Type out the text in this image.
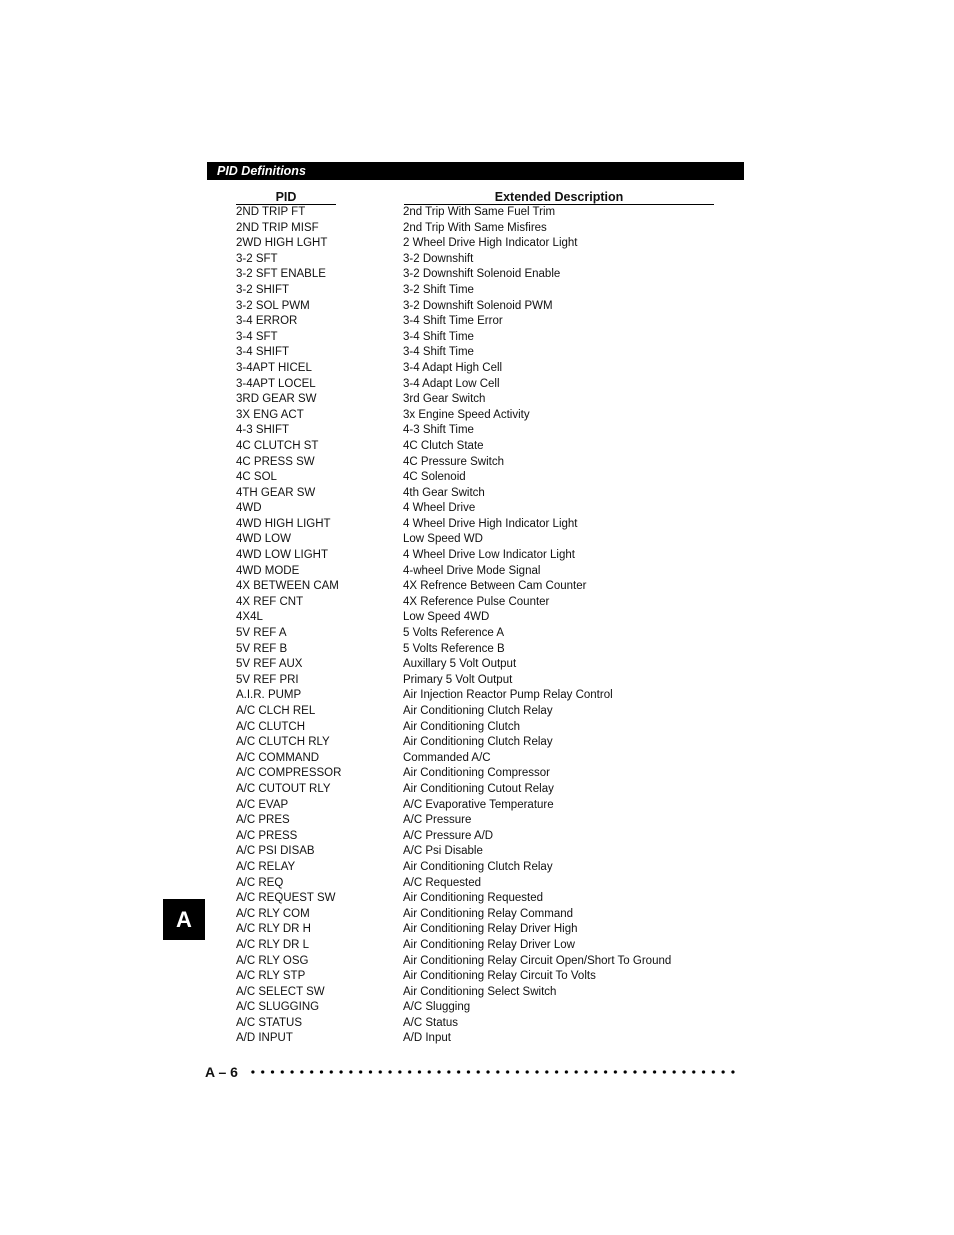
PID Definitions
PID	Extended Description
2ND TRIP FT	2nd Trip With Same Fuel Trim
2ND TRIP MISF	2nd Trip With Same Misfires
2WD HIGH LGHT	2 Wheel Drive High Indicator Light
3-2 SFT	3-2 Downshift
3-2 SFT ENABLE	3-2 Downshift Solenoid Enable
3-2 SHIFT	3-2 Shift Time
3-2 SOL PWM	3-2 Downshift Solenoid PWM
3-4 ERROR	3-4 Shift Time Error
3-4 SFT	3-4 Shift Time
3-4 SHIFT	3-4 Shift Time
3-4APT HICEL	3-4 Adapt High Cell
3-4APT LOCEL	3-4 Adapt Low Cell
3RD GEAR SW	3rd Gear Switch
3X ENG ACT	3x Engine Speed Activity
4-3 SHIFT	4-3 Shift Time
4C CLUTCH ST	4C Clutch State
4C PRESS SW	4C Pressure Switch
4C SOL	4C Solenoid
4TH GEAR SW	4th Gear Switch
4WD	4 Wheel Drive
4WD HIGH LIGHT	4 Wheel Drive High Indicator Light
4WD LOW	Low Speed WD
4WD LOW LIGHT	4 Wheel Drive Low Indicator Light
4WD MODE	4-wheel Drive Mode Signal
4X BETWEEN CAM	4X Refrence Between Cam Counter
4X REF CNT	4X Reference Pulse Counter
4X4L	Low Speed 4WD
5V REF A	5 Volts Reference A
5V REF B	5 Volts Reference B
5V REF AUX	Auxillary 5 Volt Output
5V REF PRI	Primary 5 Volt Output
A.I.R. PUMP	Air Injection Reactor Pump Relay Control
A/C CLCH REL	Air Conditioning Clutch Relay
A/C CLUTCH	Air Conditioning Clutch
A/C CLUTCH RLY	Air Conditioning Clutch Relay
A/C COMMAND	Commanded A/C
A/C COMPRESSOR	Air Conditioning Compressor
A/C CUTOUT RLY	Air Conditioning Cutout Relay
A/C EVAP	A/C Evaporative Temperature
A/C PRES	A/C Pressure
A/C PRESS	A/C Pressure A/D
A/C PSI DISAB	A/C Psi Disable
A/C RELAY	Air Conditioning Clutch Relay
A/C REQ	A/C Requested
A/C REQUEST SW	Air Conditioning Requested
A/C RLY COM	Air Conditioning Relay Command
A/C RLY DR H	Air Conditioning Relay Driver High
A/C RLY DR L	Air Conditioning Relay Driver Low
A/C RLY OSG	Air Conditioning Relay Circuit Open/Short To Ground
A/C RLY STP	Air Conditioning Relay Circuit To Volts
A/C SELECT SW	Air Conditioning Select Switch
A/C SLUGGING	A/C Slugging
A/C STATUS	A/C Status
A/D INPUT	A/D Input
A
A – 6
